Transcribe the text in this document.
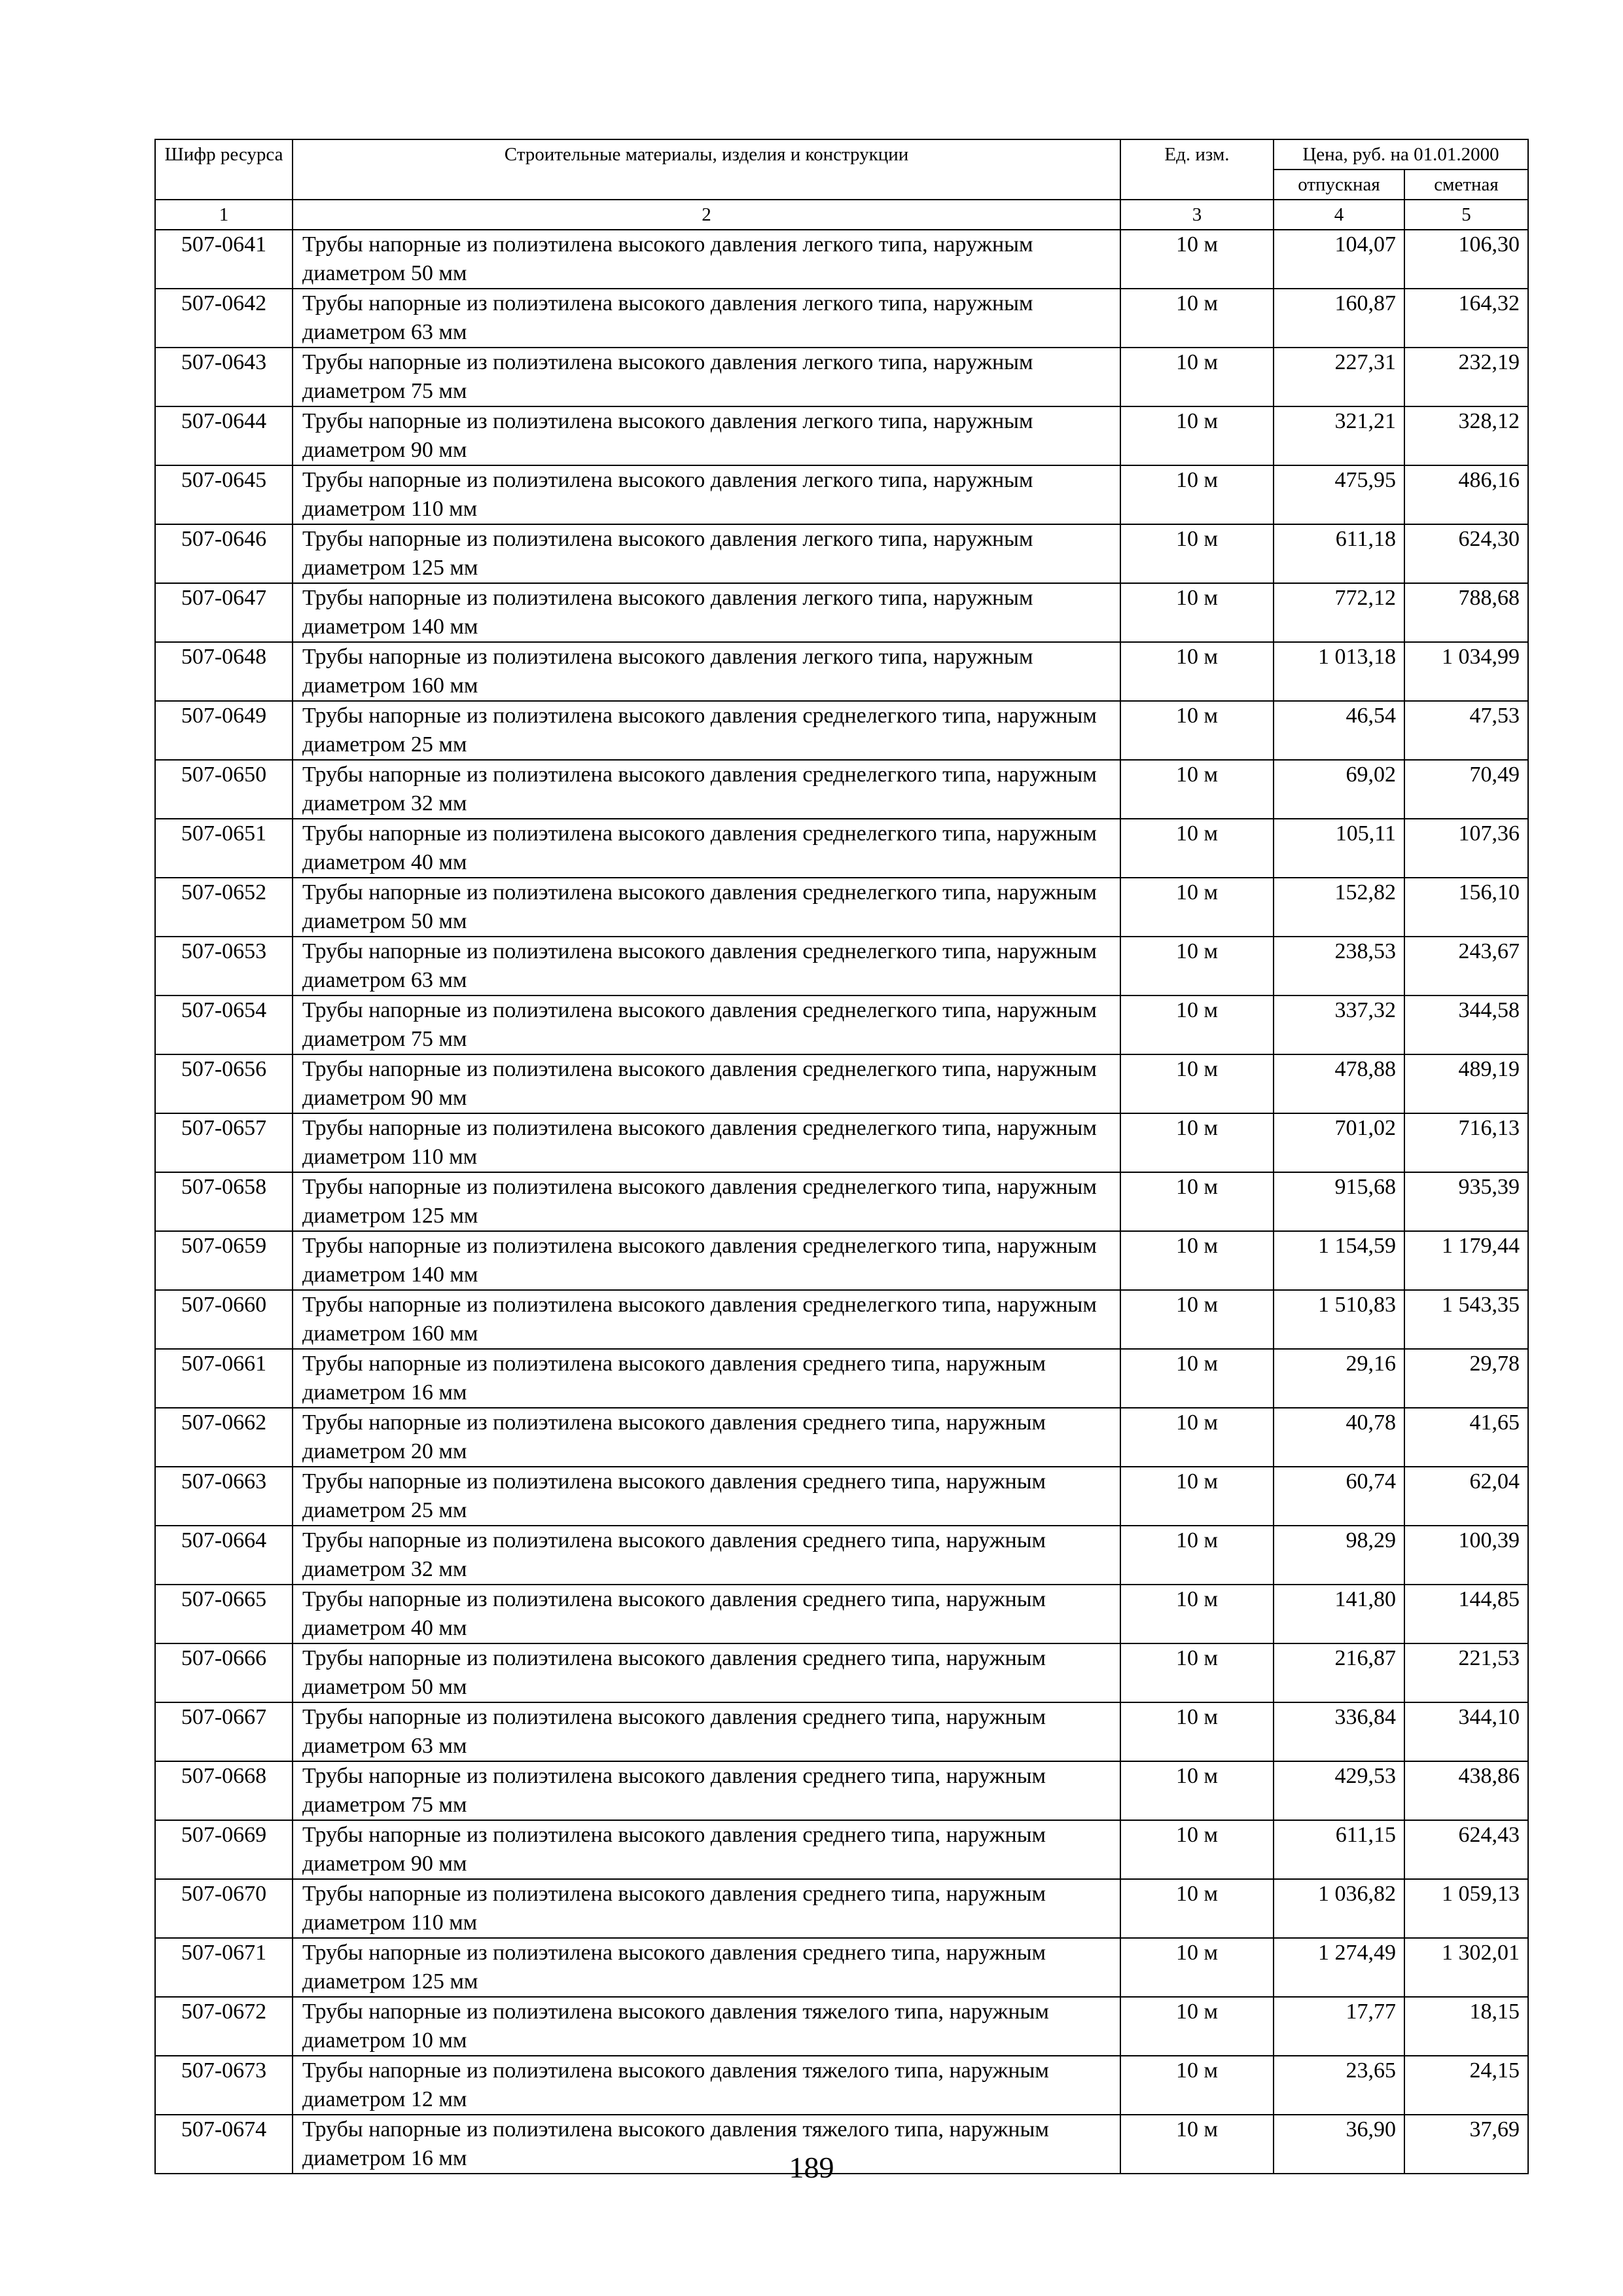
Шифр ресурса	Строительные материалы, изделия и конструкции	Ед. изм.	Цена, руб. на 01.01.2000	
			отпускная	сметная
1	2	3	4	5
507-0641	Трубы напорные из полиэтилена высокого давления легкого типа, наружным диаметром 50 мм	10 м	104,07	106,30
507-0642	Трубы напорные из полиэтилена высокого давления легкого типа, наружным диаметром 63 мм	10 м	160,87	164,32
507-0643	Трубы напорные из полиэтилена высокого давления легкого типа, наружным диаметром 75 мм	10 м	227,31	232,19
507-0644	Трубы напорные из полиэтилена высокого давления легкого типа, наружным диаметром 90 мм	10 м	321,21	328,12
507-0645	Трубы напорные из полиэтилена высокого давления легкого типа, наружным диаметром 110 мм	10 м	475,95	486,16
507-0646	Трубы напорные из полиэтилена высокого давления легкого типа, наружным диаметром 125 мм	10 м	611,18	624,30
507-0647	Трубы напорные из полиэтилена высокого давления легкого типа, наружным диаметром 140 мм	10 м	772,12	788,68
507-0648	Трубы напорные из полиэтилена высокого давления легкого типа, наружным диаметром 160 мм	10 м	1 013,18	1 034,99
507-0649	Трубы напорные из полиэтилена высокого давления среднелегкого типа, наружным диаметром 25 мм	10 м	46,54	47,53
507-0650	Трубы напорные из полиэтилена высокого давления среднелегкого типа, наружным диаметром 32 мм	10 м	69,02	70,49
507-0651	Трубы напорные из полиэтилена высокого давления среднелегкого типа, наружным диаметром 40 мм	10 м	105,11	107,36
507-0652	Трубы напорные из полиэтилена высокого давления среднелегкого типа, наружным диаметром 50 мм	10 м	152,82	156,10
507-0653	Трубы напорные из полиэтилена высокого давления среднелегкого типа, наружным диаметром 63 мм	10 м	238,53	243,67
507-0654	Трубы напорные из полиэтилена высокого давления среднелегкого типа, наружным диаметром 75 мм	10 м	337,32	344,58
507-0656	Трубы напорные из полиэтилена высокого давления среднелегкого типа, наружным диаметром 90 мм	10 м	478,88	489,19
507-0657	Трубы напорные из полиэтилена высокого давления среднелегкого типа, наружным диаметром 110 мм	10 м	701,02	716,13
507-0658	Трубы напорные из полиэтилена высокого давления среднелегкого типа, наружным диаметром 125 мм	10 м	915,68	935,39
507-0659	Трубы напорные из полиэтилена высокого давления среднелегкого типа, наружным диаметром 140 мм	10 м	1 154,59	1 179,44
507-0660	Трубы напорные из полиэтилена высокого давления среднелегкого типа, наружным диаметром 160 мм	10 м	1 510,83	1 543,35
507-0661	Трубы напорные из полиэтилена высокого давления среднего типа, наружным диаметром 16 мм	10 м	29,16	29,78
507-0662	Трубы напорные из полиэтилена высокого давления среднего типа, наружным диаметром 20 мм	10 м	40,78	41,65
507-0663	Трубы напорные из полиэтилена высокого давления среднего типа, наружным диаметром 25 мм	10 м	60,74	62,04
507-0664	Трубы напорные из полиэтилена высокого давления среднего типа, наружным диаметром 32 мм	10 м	98,29	100,39
507-0665	Трубы напорные из полиэтилена высокого давления среднего типа, наружным диаметром 40 мм	10 м	141,80	144,85
507-0666	Трубы напорные из полиэтилена высокого давления среднего типа, наружным диаметром 50 мм	10 м	216,87	221,53
507-0667	Трубы напорные из полиэтилена высокого давления среднего типа, наружным диаметром 63 мм	10 м	336,84	344,10
507-0668	Трубы напорные из полиэтилена высокого давления среднего типа, наружным диаметром 75 мм	10 м	429,53	438,86
507-0669	Трубы напорные из полиэтилена высокого давления среднего типа, наружным диаметром 90 мм	10 м	611,15	624,43
507-0670	Трубы напорные из полиэтилена высокого давления среднего типа, наружным диаметром 110 мм	10 м	1 036,82	1 059,13
507-0671	Трубы напорные из полиэтилена высокого давления среднего типа, наружным диаметром 125 мм	10 м	1 274,49	1 302,01
507-0672	Трубы напорные из полиэтилена высокого давления тяжелого типа, наружным диаметром 10 мм	10 м	17,77	18,15
507-0673	Трубы напорные из полиэтилена высокого давления тяжелого типа, наружным диаметром 12 мм	10 м	23,65	24,15
507-0674	Трубы напорные из полиэтилена высокого давления тяжелого типа, наружным диаметром 16 мм	10 м	36,90	37,69
189
